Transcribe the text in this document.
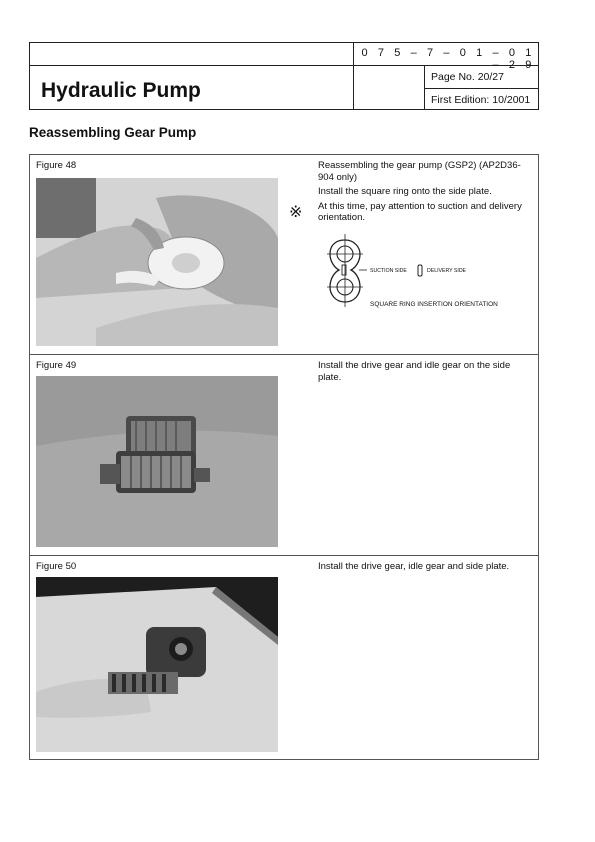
0 7 5 – 7 – 0 1 – 0 1 – 2 9
Page No. 20/27
First Edition: 10/2001
Hydraulic Pump
Reassembling Gear Pump
Figure 48
※

Reassembling the gear pump (GSP2) (AP2D36-904 only)

Install the square ring onto the side plate.

At this time, pay attention to suction and delivery orientation.

SUCTION SIDE	DELIVERY SIDE
SQUARE RING INSERTION ORIENTATION
Figure 49	Install the drive gear and idle gear on the side plate.

Figure 50	Install the drive gear, idle gear and side plate.
